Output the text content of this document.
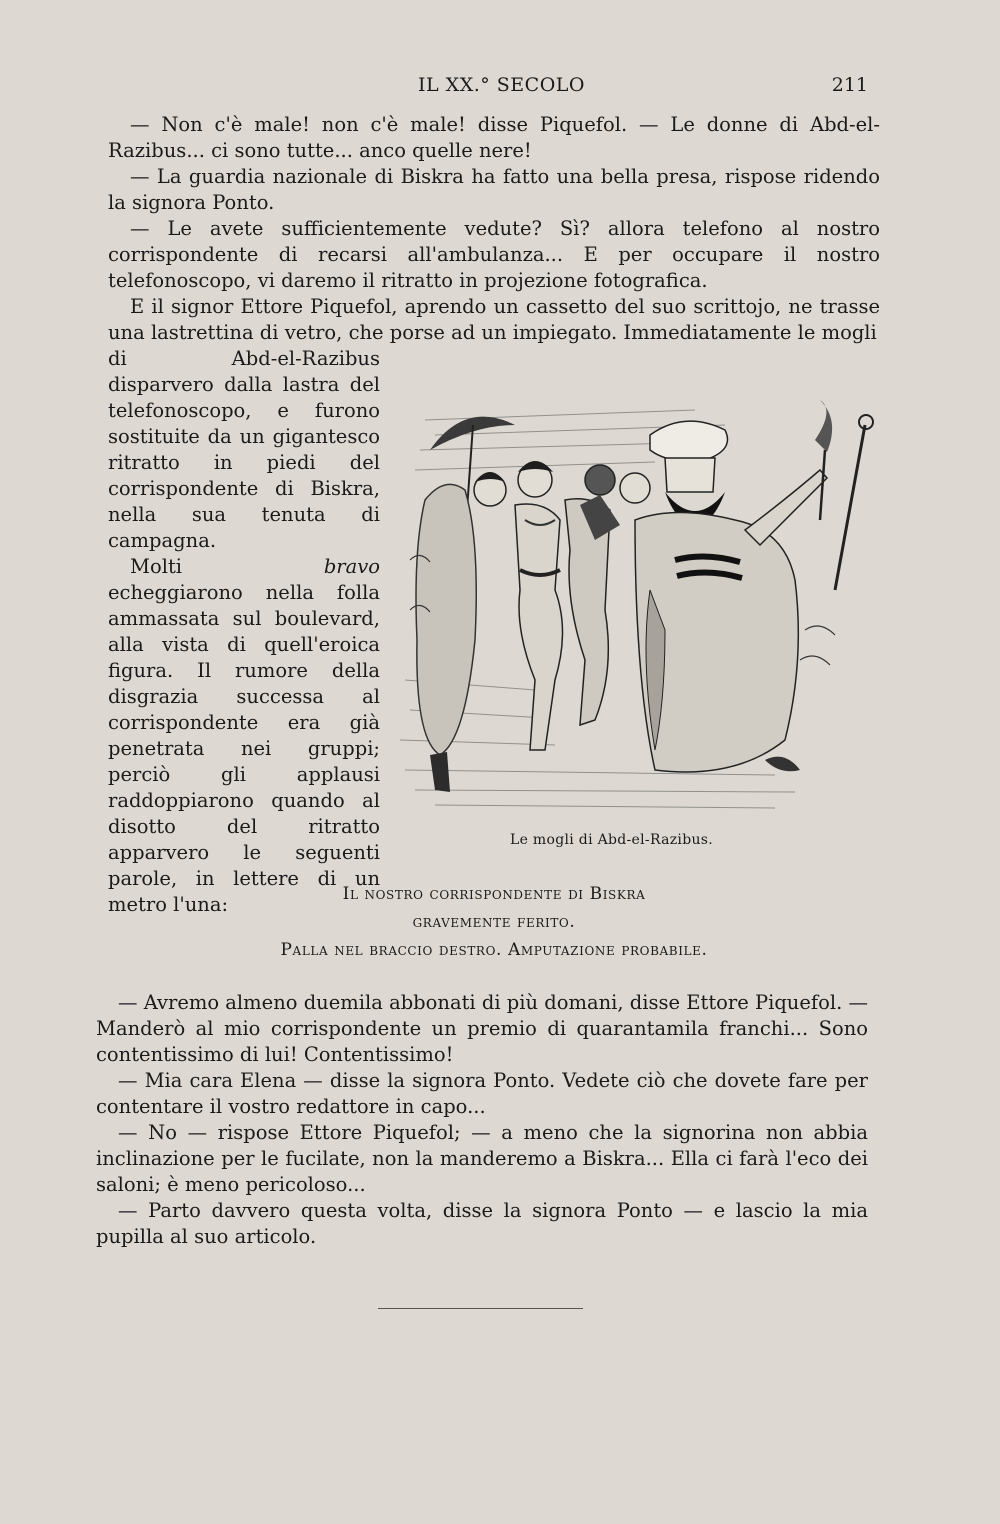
IL XX.° SECOLO	211

— Non c'è male! non c'è male! disse Piquefol. — Le donne di Abd-el-Razibus... ci sono tutte... anco quelle nere!

— La guardia nazionale di Biskra ha fatto una bella presa, rispose ridendo la signora Ponto.

— Le avete sufficientemente vedute? Sì? allora telefono al nostro corrispondente di recarsi all'ambulanza... E per occupare il nostro telefonoscopo, vi daremo il ritratto in projezione fotografica.

E il signor Ettore Piquefol, aprendo un cassetto del suo scrittojo, ne trasse una lastrettina di vetro, che porse ad un impiegato. Immediatamente le mogli

di Abd-el-Razibus disparvero dalla lastra del telefonoscopo, e furono sostituite da un gigantesco ritratto in piedi del corrispondente di Biskra, nella sua tenuta di campagna.

Molti bravo echeggiarono nella folla ammassata sul boulevard, alla vista di quell'eroica figura. Il rumore della disgrazia successa al corrispondente era già penetrata nei gruppi; perciò gli applausi raddoppiarono quando al disotto del ritratto apparvero le seguenti parole, in lettere di un metro l'una:

Le mogli di Abd-el-Razibus.
Il nostro corrispondente di Biskra
gravemente ferito.
Palla nel braccio destro. Amputazione probabile.

— Avremo almeno duemila abbonati di più domani, disse Ettore Piquefol. — Manderò al mio corrispondente un premio di quarantamila franchi... Sono contentissimo di lui! Contentissimo!

— Mia cara Elena — disse la signora Ponto. Vedete ciò che dovete fare per contentare il vostro redattore in capo...

— No — rispose Ettore Piquefol; — a meno che la signorina non abbia inclinazione per le fucilate, non la manderemo a Biskra... Ella ci farà l'eco dei saloni; è meno pericoloso...

— Parto davvero questa volta, disse la signora Ponto — e lascio la mia pupilla al suo articolo.
